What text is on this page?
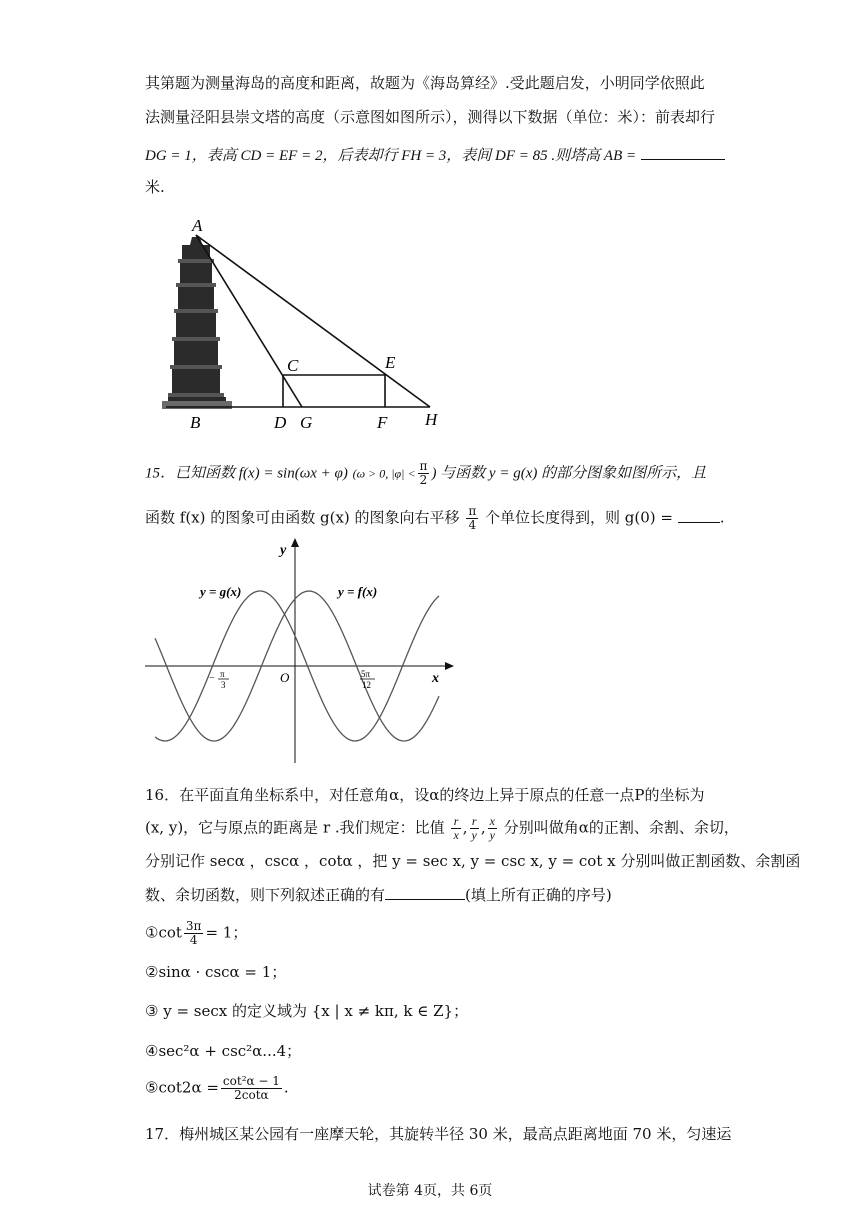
其第题为测量海岛的高度和距离，故题为《海岛算经》.受此题启发，小明同学依照此
法测量泾阳县崇文塔的高度（示意图如图所示），测得以下数据（单位：米）：前表却行
DG = 1，表高 CD = EF = 2，后表却行 FH = 3，表间 DF = 85 .则塔高 AB =
米.
A
B
C
D
E
F
G	H
15．已知函数 f(x) = sin(ωx + φ) (ω > 0, $|\varphi| < \frac{\pi}{2}$ ) 与函数 y = g(x) 的部分图象如图所示，且
函数 f(x) 的图象可由函数 g(x) 的图象向右平移 $\frac{\pi}{4}$ 个单位长度得到，则 g(0) =	.
y
x
O
y = g(x)	y = f(x)
− π
3
5π
12
16．在平面直角坐标系中，对任意角α，设α的终边上异于原点的任意一点P的坐标为
(x, y)，它与原点的距离是 r .我们规定：比值 $\frac{r}{x}$ , $\frac{r}{y}$ , $\frac{x}{y}$ 分别叫做角α的正割、余割、余切，
分别记作 secα ，cscα ，cotα ，把 y = sec x, y = csc x, y = cot x 分别叫做正割函数、余割函
数、余切函数，则下列叙述正确的有	(填上所有正确的序号)
①cot $\frac{3\pi}{4} = 1$；
②sinα · cscα = 1；
③ y = secx 的定义域为 {x | x ≠ kπ, k ∈ Z}；
④sec²α + csc²α...4；
⑤cot2α = $\frac{\text{cot²α − 1}}{2\cot\alpha}$ .
17．梅州城区某公园有一座摩天轮，其旋转半径 30 米，最高点距离地面 70 米，匀速运
试卷第 4页，共 6页
